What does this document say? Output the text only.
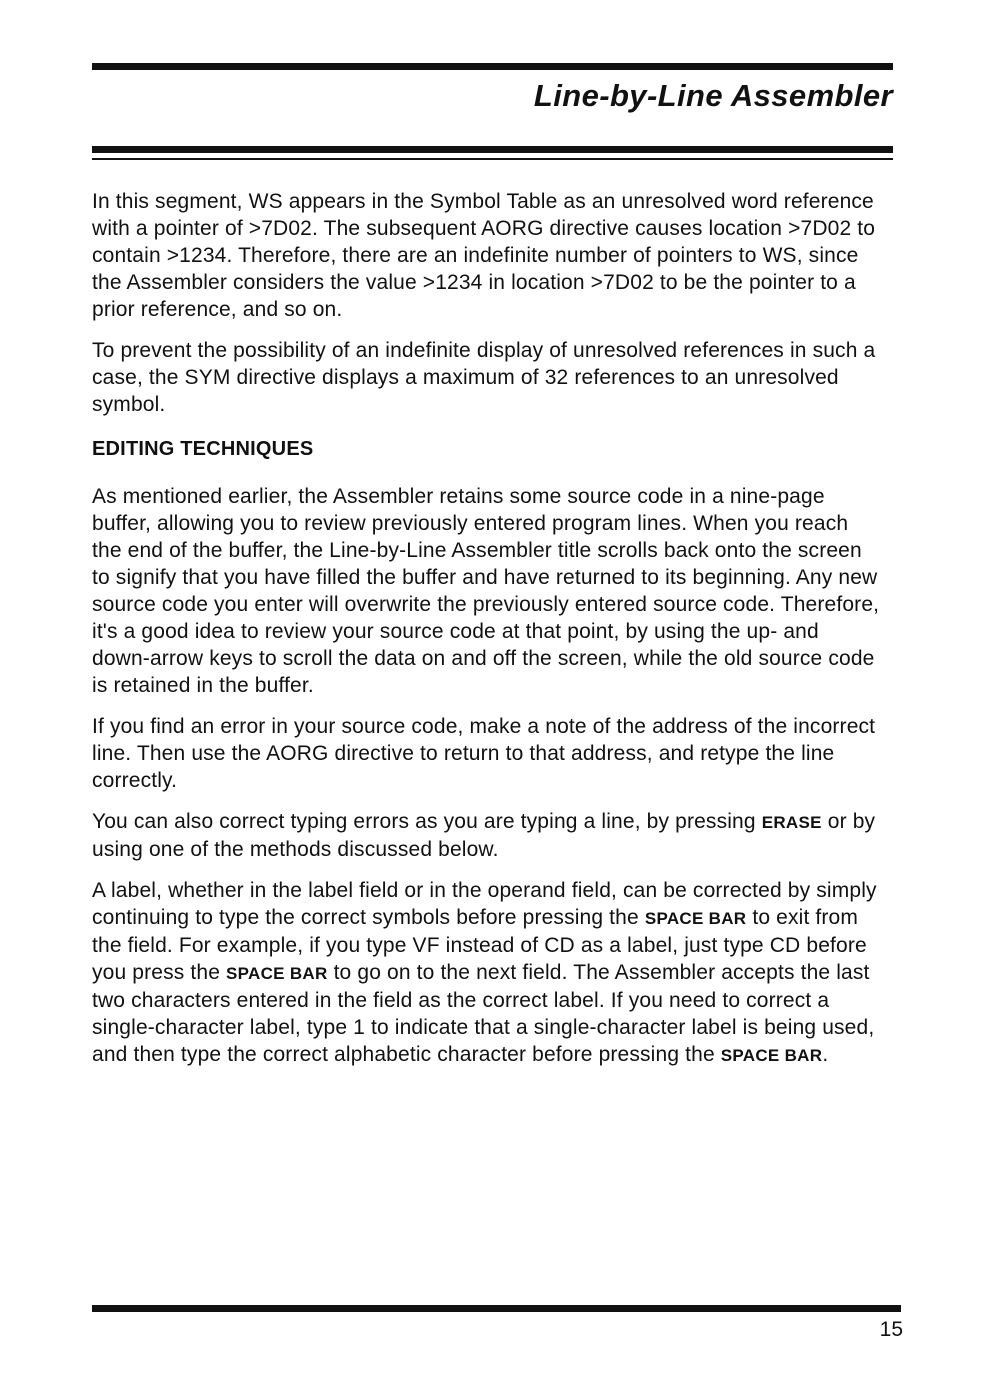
Line-by-Line Assembler

In this segment, WS appears in the Symbol Table as an unresolved word reference with a pointer of >7D02. The subsequent AORG directive causes location >7D02 to contain >1234. Therefore, there are an indefinite number of pointers to WS, since the Assembler considers the value >1234 in location >7D02 to be the pointer to a prior reference, and so on.

To prevent the possibility of an indefinite display of unresolved references in such a case, the SYM directive displays a maximum of 32 references to an unresolved symbol.

EDITING TECHNIQUES

As mentioned earlier, the Assembler retains some source code in a nine-page buffer, allowing you to review previously entered program lines. When you reach the end of the buffer, the Line-by-Line Assembler title scrolls back onto the screen to signify that you have filled the buffer and have returned to its beginning. Any new source code you enter will overwrite the previously entered source code. Therefore, it's a good idea to review your source code at that point, by using the up- and down-arrow keys to scroll the data on and off the screen, while the old source code is retained in the buffer.

If you find an error in your source code, make a note of the address of the incorrect line. Then use the AORG directive to return to that address, and retype the line correctly.

You can also correct typing errors as you are typing a line, by pressing ERASE or by using one of the methods discussed below.

A label, whether in the label field or in the operand field, can be corrected by simply continuing to type the correct symbols before pressing the SPACE BAR to exit from the field. For example, if you type VF instead of CD as a label, just type CD before you press the SPACE BAR to go on to the next field. The Assembler accepts the last two characters entered in the field as the correct label. If you need to correct a single-character label, type 1 to indicate that a single-character label is being used, and then type the correct alphabetic character before pressing the SPACE BAR.

15
